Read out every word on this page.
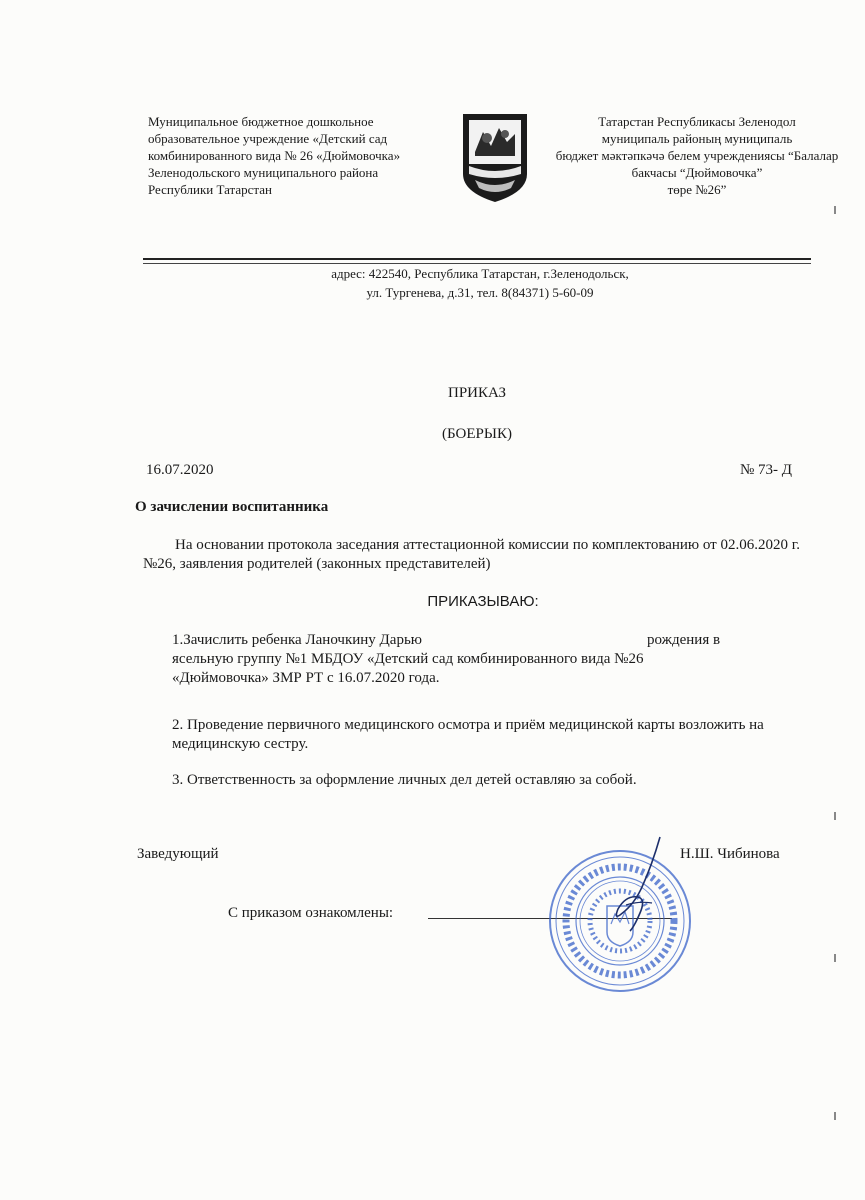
Муниципальное бюджетное дошкольное
образовательное учреждение «Детский сад
комбинированного вида № 26 «Дюймовочка»
Зеленодольского муниципального района
Республики Татарстан
Татарстан Республикасы Зеленодол
муниципаль районың муниципаль
бюджет мәктәпкәчә белем учреждениясы “Балалар
бакчасы “Дюймовочка”
төре №26”
адрес: 422540, Республика Татарстан, г.Зеленодольск,
ул. Тургенева, д.31, тел. 8(84371) 5-60-09
ПРИКАЗ
(БОЕРЫК)
16.07.2020	№ 73- Д
О зачислении воспитанника
На основании протокола заседания аттестационной комиссии по комплектованию от 02.06.2020 г. №26, заявления родителей (законных представителей)
ПРИКАЗЫВАЮ:
1.Зачислить ребенка Ланочкину Дарью	рождения в
ясельную группу №1 МБДОУ «Детский сад комбинированного вида №26
«Дюймовочка» ЗМР РТ с 16.07.2020 года.
2. Проведение первичного медицинского осмотра и приём медицинской карты возложить на медицинскую сестру.
3. Ответственность за оформление личных дел детей оставляю за собой.
Заведующий	Н.Ш. Чибинова
С приказом ознакомлены:
